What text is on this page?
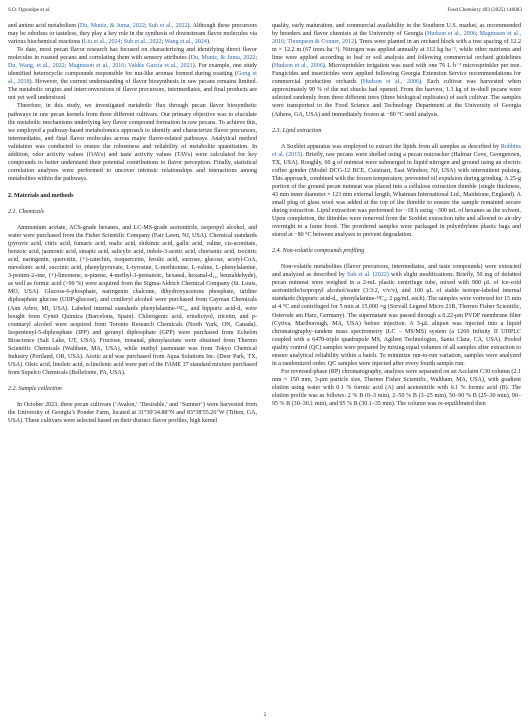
S.O. Ogundipe et al.	Food Chemistry 493 (2025) 146063

and amino acid metabolism (Du, Muniz, & Juma, 2022; Suh et al., 2022). Although these precursors may be odorless or tasteless, they play a key role in the synthesis of downstream flavor molecules via various biochemical reactions (Liu et al., 2024; Suh et al., 2022; Wang et al., 2024).

To date, most pecan flavor research has focused on characterizing and identifying direct flavor molecules in roasted pecans and correlating them with sensory attributes (Du, Muniz, & Juma, 2022; Du, Wang, et al., 2022; Magnuson et al., 2016; Valdés García et al., 2021). For example, one study identified heterocyclic compounds responsible for nut-like aromas formed during roasting (Gong et al., 2018). However, the current understanding of flavor biosynthesis in raw pecans remains limited. The metabolic origins and interconversions of flavor precursors, intermediates, and final products are not yet well understood.

Therefore, in this study, we investigated metabolic flux through pecan flavor biosynthetic pathways in raw pecan kernels from three different cultivars. Our primary objective was to elucidate the metabolic mechanisms underlying key flavor compound formation in raw pecans. To achieve this, we employed a pathway-based metabolomics approach to identify and characterize flavor precursors, intermediates, and final flavor molecules across major flavor-related pathways. Analytical method validation was conducted to ensure the robustness and reliability of metabolite quantitation. In addition, odor activity values (OAVs) and taste activity values (TAVs) were calculated for key compounds to better understand their potential contributions to flavor perception. Finally, statistical correlation analyses were performed to uncover intrinsic relationships and interactions among metabolites within the pathways.

2. Materials and methods
2.1. Chemicals

Ammonium acetate, ACS-grade hexanes, and LC-MS-grade acetonitrile, isopropyl alcohol, and water were purchased from the Fisher Scientific Company (Fair Lawn, NJ, USA). Chemical standards (pyruvic acid, citric acid, fumaric acid, malic acid, shikimic acid, gallic acid, valine, cis-aconitate, benzoic acid, jasmonic acid, sinapic acid, salicylic acid, indole-3-acetic acid, chorismic acid, isocitric acid, naringenin, quercetin, (+)-catechin, isoquercetin, ferulic acid, sucrose, glucose, acetyl-CoA, mevalonic acid, succinic acid, phenylpyruvate, L-tyrosine, L-methionine, L-valine, L-phenylalanine, 3-penten-2-one, (+)-limonene, α-pinene, 4-methyl-3-pentanoic, hexanal, hexanal-d₁₂, benzaldehyde), as well as formic acid (>99 %) were acquired from the Sigma-Aldrich Chemical Company (St. Louis, MO, USA). Glucose-6-phosphate, naringenin chalcone, dihydroxyacetone phosphate, uridine diphosphate glucose (UDP-glucose), and coniferyl alcohol were purchased from Cayman Chemicals (Ann Arbor, MI, USA). Labeled internal standards phenylalanine-¹³C₆, and hippuric acid-d₅ were bought from Cymit Quimica (Barcelona, Spain). Chlorogenic acid, eriodictyol, tricetin, and p-coumaryl alcohol were acquired from Toronto Research Chemicals (North York, ON, Canada). Isopentenyl-5-diphosphate (IPP) and geranyl diphosphate (GPP) were purchased from Echelon Bioscience (Salt Lake, UT, USA). Fructose, nonanal, phenylacetate were obtained from Thermo Scientific Chemicals (Waltham, MA, USA), while methyl jasmonate was from Tokyo Chemical Industry (Portland, OR, USA). Acetic acid was purchased from Aqua Solutions Inc. (Deer Park, TX, USA). Oleic acid, linoleic acid, α-linolenic acid were part of the FAME 37 standard mixture purchased from Supelco Chemicals (Bellefonte, PA, USA).

2.2. Sample collection

In October 2023, three pecan cultivars (‘Avalon,’ ‘Desirable,’ and ‘Sumner’) were harvested from the University of Georgia’s Ponder Farm, located at 31°30′34.88″N and 83°38′55.26″W (Tifton, GA, USA). These cultivars were selected based on their distinct flavor profiles, high kernel

quality, early maturation, and commercial availability in the Southern U.S. market, as recommended by breeders and flavor chemists at the University of Georgia (Hudson et al., 2006; Magnuson et al., 2016; Thompson & Conner, 2012). Trees were planted in an orchard block with a tree spacing of 12.2 m × 12.2 m (67 trees·ha⁻¹). Nitrogen was applied annually at 112 kg·ha⁻¹, while other nutrients and lime were applied according to leaf or soil analysis and following commercial orchard guidelines (Hudson et al., 2006). Microsprinkler irrigation was used with one 76 L·h⁻¹ microsprinkler per tree. Fungicides and insecticides were applied following Georgia Extension Service recommendations for commercial production orchards (Hudson et al., 2006). Each cultivar was harvested when approximately 90 % of the nut shucks had opened. From the harvest, 1.3 kg of in-shell pecans were selected randomly from three different trees (three biological replicates) of each cultivar. The samples were transported to the Food Science and Technology Department at the University of Georgia (Athens, GA, USA) and immediately frozen at −80 °C until analysis.

2.3. Lipid extraction

A Soxhlet apparatus was employed to extract the lipids from all samples as described by Robbins et al. (2015). Briefly, raw pecans were shelled using a pecan nutcracker (Halmar Cove, Georgetown, TX, USA). Roughly, 60 g of nutmeat were submerged in liquid nitrogen and ground using an electric coffee grinder (Model DCG-12 BCE, Cuisinart, East Windsor, NJ, USA) with intermittent pulsing. This approach, combined with the frozen temperature, prevented oil expulsion during grinding. A 25-g portion of the ground pecan nutmeat was placed into a cellulose extraction thimble (single thickness, 43 mm inner diameter × 123 mm external length, Whatman International Ltd., Maidstone, England). A small plug of glass wool was added at the top of the thimble to ensure the sample remained secure during extraction. Lipid extraction was performed for ~18 h using ~300 mL of hexanes as the solvent. Upon completion, the thimbles were removed from the Soxhlet extraction tube and allowed to air-dry overnight in a fume hood. The powdered samples were packaged in polyethylene plastic bags and stored at −80 °C between analyses to prevent degradation.

2.4. Non-volatile compounds profiling

Non-volatile metabolites (flavor precursors, intermediates, and taste compounds) were extracted and analyzed as described by Suh et al. (2022) with slight modifications. Briefly, 50 mg of defatted pecan nutmeat were weighed in a 2-mL plastic centrifuge tube, mixed with 900 μL of ice-cold acetonitrile/isopropyl alcohol/water (3:3:2, v/v/v), and 100 μL of stable isotope-labeled internal standards (hippuric acid-d₅, phenylalanine-¹³C₆; 2 μg/mL each). The samples were vortexed for 15 min at 4 °C and centrifuged for 5 min at 15,000 ×g (Sorvall Legend Micro 21R, Thermo Fisher Scientific, Osterode am Harz, Germany). The supernatant was passed through a 0.22-μm PVDF membrane filter (Cytiva, Marlborough, MA, USA) before injection. A 3-μL aliquot was injected into a liquid chromatography–tandem mass spectrometry (LC – MS/MS) system (a 1260 Infinity II UHPLC coupled with a 6470-triple quadrupole MS, Agilent Technologies, Santa Clara, CA, USA). Pooled quality control (QC) samples were prepared by mixing equal volumes of all samples after extraction to ensure analytical reliability within a batch. To minimize run-to-run variation, samples were analyzed in a randomized order. QC samples were injected after every fourth sample run.

For reversed-phase (RP) chromatography, analytes were separated on an Acclaim C30 column (2.1 mm × 150 mm, 3-μm particle size, Thermo Fisher Scientific, Waltham, MA, USA), with gradient elution using water with 0.1 % formic acid (A) and acetonitrile with 0.1 % formic acid (B). The elution profile was as follows: 2 % B (0–3 min), 2–50 % B (3–25 min), 50–90 % B (25–30 min), 90–95 % B (30–30.1 min), and 95 % B (30.1–35 min). The column was re-equilibrated then

2
